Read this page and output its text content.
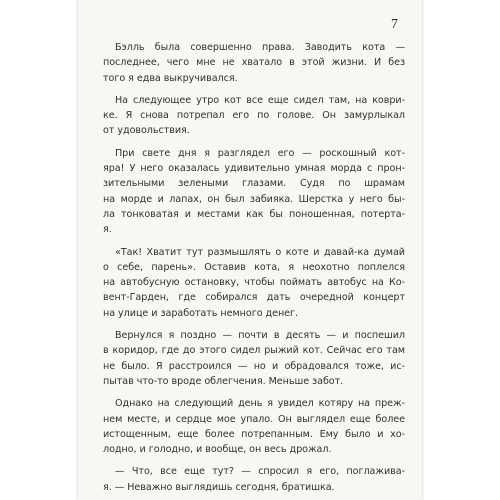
7
Бэлль была совершенно права. Заводить кота —
последнее, чего мне не хватало в этой жизни. И без
того я едва выкручивался.
На следующее утро кот все еще сидел там, на коври-
ке. Я снова потрепал его по голове. Он замурлыкал
от удовольствия.
При свете дня я разглядел его — роскошный кот-
яра! У него оказалась удивительно умная морда с прон-
зительными зелеными глазами. Судя по шрамам
на морде и лапах, он был забияка. Шерстка у него бы-
ла тонковатая и местами как бы поношенная, потерта-
я.
«Так! Хватит тут размышлять о коте и давай-ка думай
о себе, парень». Оставив кота, я неохотно поплелся
на автобусную остановку, чтобы поймать автобус на Ко-
вент-Гарден, где собирался дать очередной концерт
на улице и заработать немного денег.
Вернулся я поздно — почти в десять — и поспешил
в коридор, где до этого сидел рыжий кот. Сейчас его там
не было. Я расстроился — но и обрадовался тоже, ис-
пытав что-то вроде облегчения. Меньше забот.
Однако на следующий день я увидел котяру на преж-
нем месте, и сердце мое упало. Он выглядел еще более
истощенным, еще более потрепанным. Ему было и хо-
лодно, и голодно, и вообще, он весь дрожал.
— Что, все еще тут? — спросил я его, поглажива-
я. — Неважно выглядишь сегодня, братишка.
